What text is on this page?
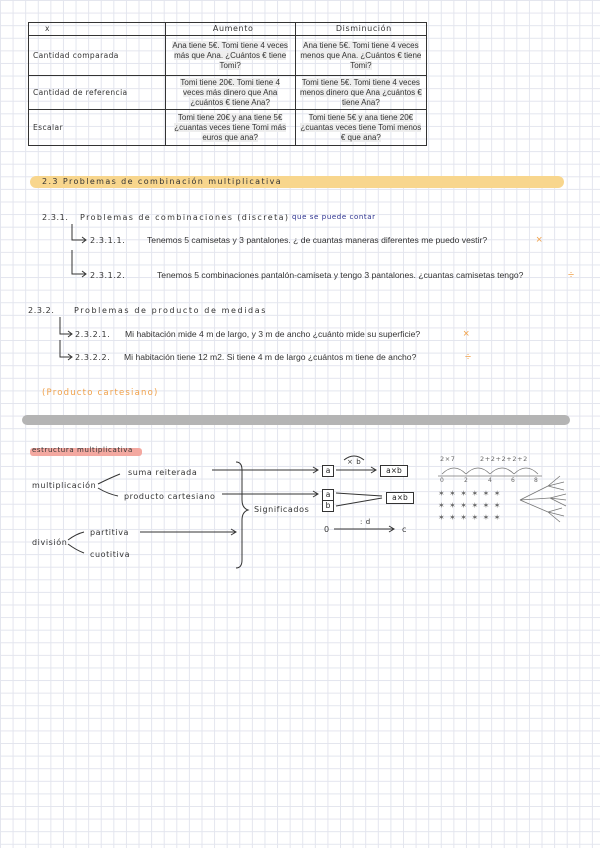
x	Aumento	Disminución
Cantidad comparada	Ana tiene 5€. Tomi tiene 4 veces más que Ana. ¿Cuántos € tiene Tomi?	Ana tiene 5€. Tomi tiene 4 veces menos que Ana. ¿Cuántos € tiene Tomi?
Cantidad de referencia	Tomi tiene 20€. Tomi tiene 4 veces más dinero que Ana ¿cuántos € tiene Ana?	Tomi tiene 5€. Tomi tiene 4 veces menos dinero que Ana ¿cuántos € tiene Ana?
Escalar	Tomi tiene 20€ y ana tiene 5€ ¿cuantas veces tiene Tomi más euros que ana?	Tomi tiene 5€ y ana tiene 20€ ¿cuantas veces tiene Tomi menos € que ana?
2.3 Problemas de combinación multiplicativa
2.3.1. Problemas de combinaciones (discreta) que se puede contar
2.3.1.1.	Tenemos 5 camisetas y 3 pantalones. ¿ de cuantas maneras diferentes me puedo vestir?	×
2.3.1.2.	Tenemos 5 combinaciones pantalón-camiseta y tengo 3 pantalones. ¿cuantas camisetas tengo?	÷
2.3.2. Problemas de producto de medidas
2.3.2.1. Mi habitación mide 4 m de largo, y 3 m de ancho ¿cuánto mide su superficie?	×
2.3.2.2. Mi habitación tiene 12 m2. Si tiene 4 m de largo ¿cuántos m tiene de ancho?	÷
(Producto cartesiano)
estructura multiplicativa
multiplicación
suma reiterada
producto cartesiano
división
partitiva
cuotitiva
Significados
× b
a	a×b
a
b
a×b
0
: d
c
2×7	2+2+2+2+2
0	2	4	6	8
✶  ✶  ✶  ✶  ✶  ✶
✶  ✶  ✶  ✶  ✶  ✶
✶  ✶  ✶  ✶  ✶  ✶
